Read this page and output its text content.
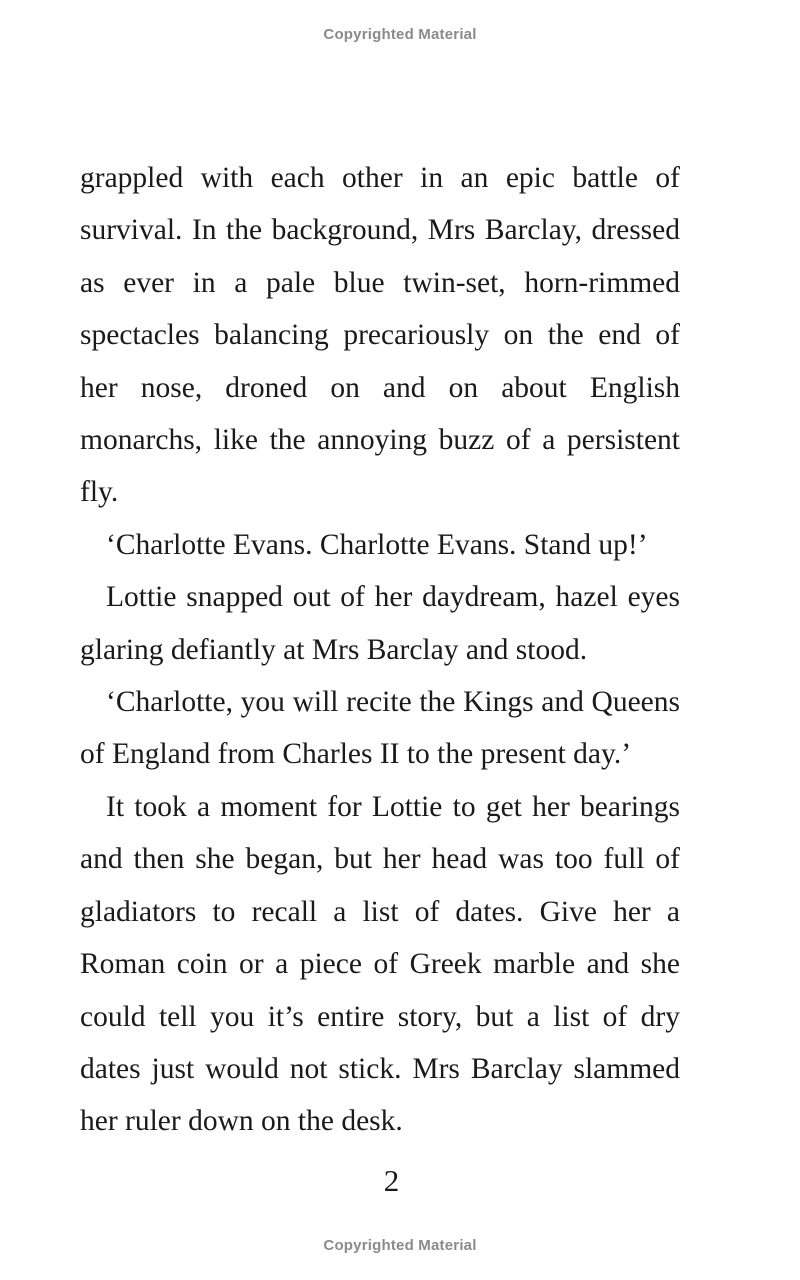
Copyrighted Material

grappled with each other in an epic battle of survival. In the background, Mrs Barclay, dressed as ever in a pale blue twin-set, horn-rimmed spectacles balancing precariously on the end of her nose, droned on and on about English monarchs, like the annoying buzz of a persistent fly.

‘Charlotte Evans. Charlotte Evans. Stand up!’

Lottie snapped out of her daydream, hazel eyes glaring defiantly at Mrs Barclay and stood.

‘Charlotte, you will recite the Kings and Queens of England from Charles II to the present day.’

It took a moment for Lottie to get her bearings and then she began, but her head was too full of gladiators to recall a list of dates. Give her a Roman coin or a piece of Greek marble and she could tell you it’s entire story, but a list of dry dates just would not stick. Mrs Barclay slammed her ruler down on the desk.

2
Copyrighted Material
